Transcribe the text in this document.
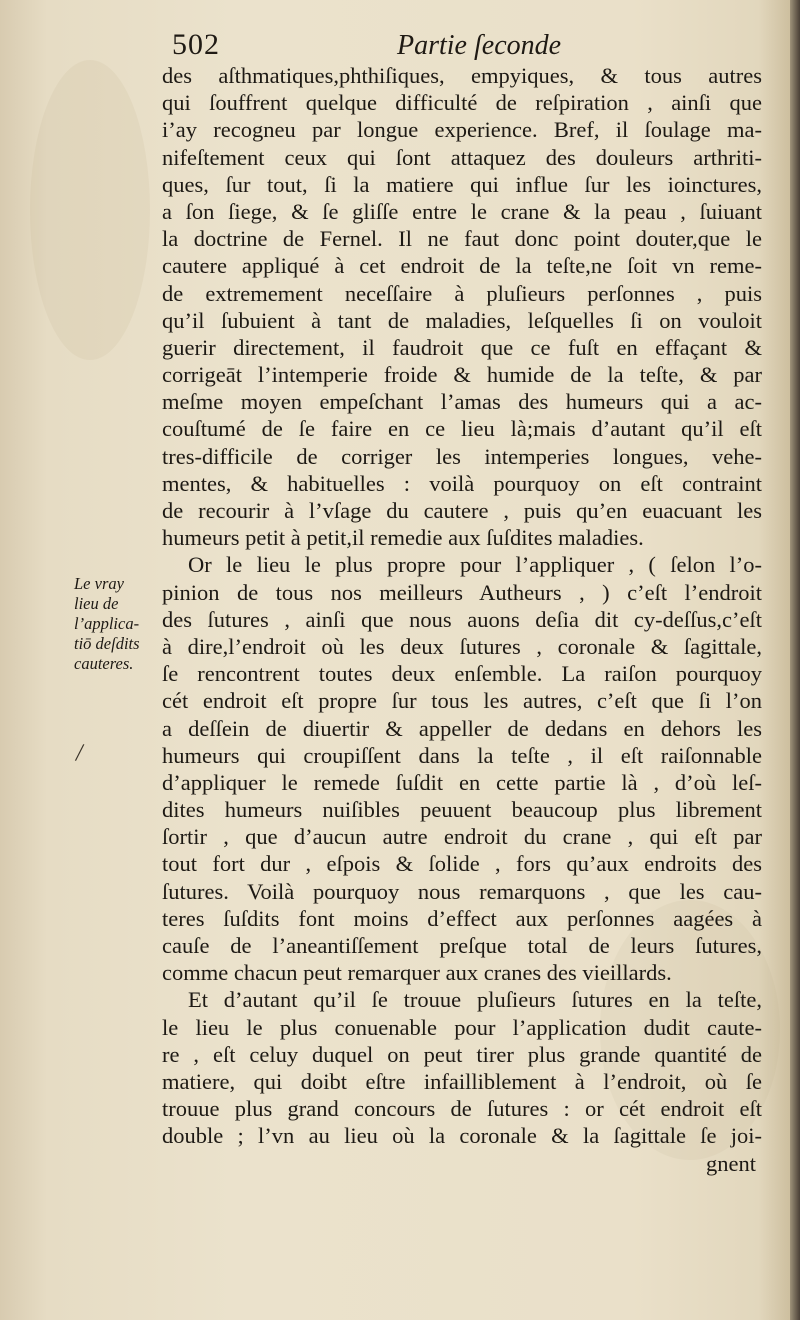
502	Partie ſeconde
Le vray
lieu de
l’applica-
tiō deſdits
cauteres.
/
des aſthmatiques,phthiſiques, empyiques, & tous autres
qui ſouffrent quelque difficulté de reſpiration , ainſi que
i’ay recogneu par longue experience. Bref, il ſoulage ma-
nifeſtement ceux qui ſont attaquez des douleurs arthriti-
ques, ſur tout, ſi la matiere qui influe ſur les ioinctures,
a ſon ſiege, & ſe gliſſe entre le crane & la peau , ſuiuant
la doctrine de Fernel. Il ne faut donc point douter,que le
cautere appliqué à cet endroit de la teſte,ne ſoit vn reme-
de extremement neceſſaire à pluſieurs perſonnes , puis
qu’il ſubuient à tant de maladies, leſquelles ſi on vouloit
guerir directement, il faudroit que ce fuſt en effaçant &
corrigeāt l’intemperie froide & humide de la teſte, & par
meſme moyen empeſchant l’amas des humeurs qui a ac-
couſtumé de ſe faire en ce lieu là;mais d’autant qu’il eſt
tres-difficile de corriger les intemperies longues, vehe-
mentes, & habituelles : voilà pourquoy on eſt contraint
de recourir à l’vſage du cautere , puis qu’en euacuant les
humeurs petit à petit,il remedie aux ſuſdites maladies.
Or le lieu le plus propre pour l’appliquer , ( ſelon l’o-
pinion de tous nos meilleurs Autheurs , ) c’eſt l’endroit
des ſutures , ainſi que nous auons deſia dit cy-deſſus,c’eſt
à dire,l’endroit où les deux ſutures , coronale & ſagittale,
ſe rencontrent toutes deux enſemble. La raiſon pourquoy
cét endroit eſt propre ſur tous les autres, c’eſt que ſi l’on
a deſſein de diuertir & appeller de dedans en dehors les
humeurs qui croupiſſent dans la teſte , il eſt raiſonnable
d’appliquer le remede ſuſdit en cette partie là , d’où leſ-
dites humeurs nuiſibles peuuent beaucoup plus librement
ſortir , que d’aucun autre endroit du crane , qui eſt par
tout fort dur , eſpois & ſolide , fors qu’aux endroits des
ſutures. Voilà pourquoy nous remarquons , que les cau-
teres ſuſdits font moins d’effect aux perſonnes aagées à
cauſe de l’aneantiſſement preſque total de leurs ſutures,
comme chacun peut remarquer aux cranes des vieillards.
Et d’autant qu’il ſe trouue pluſieurs ſutures en la teſte,
le lieu le plus conuenable pour l’application dudit caute-
re , eſt celuy duquel on peut tirer plus grande quantité de
matiere, qui doibt eſtre infailliblement à l’endroit, où ſe
trouue plus grand concours de ſutures : or cét endroit eſt
double ; l’vn au lieu où la coronale & la ſagittale ſe joi-
gnent
